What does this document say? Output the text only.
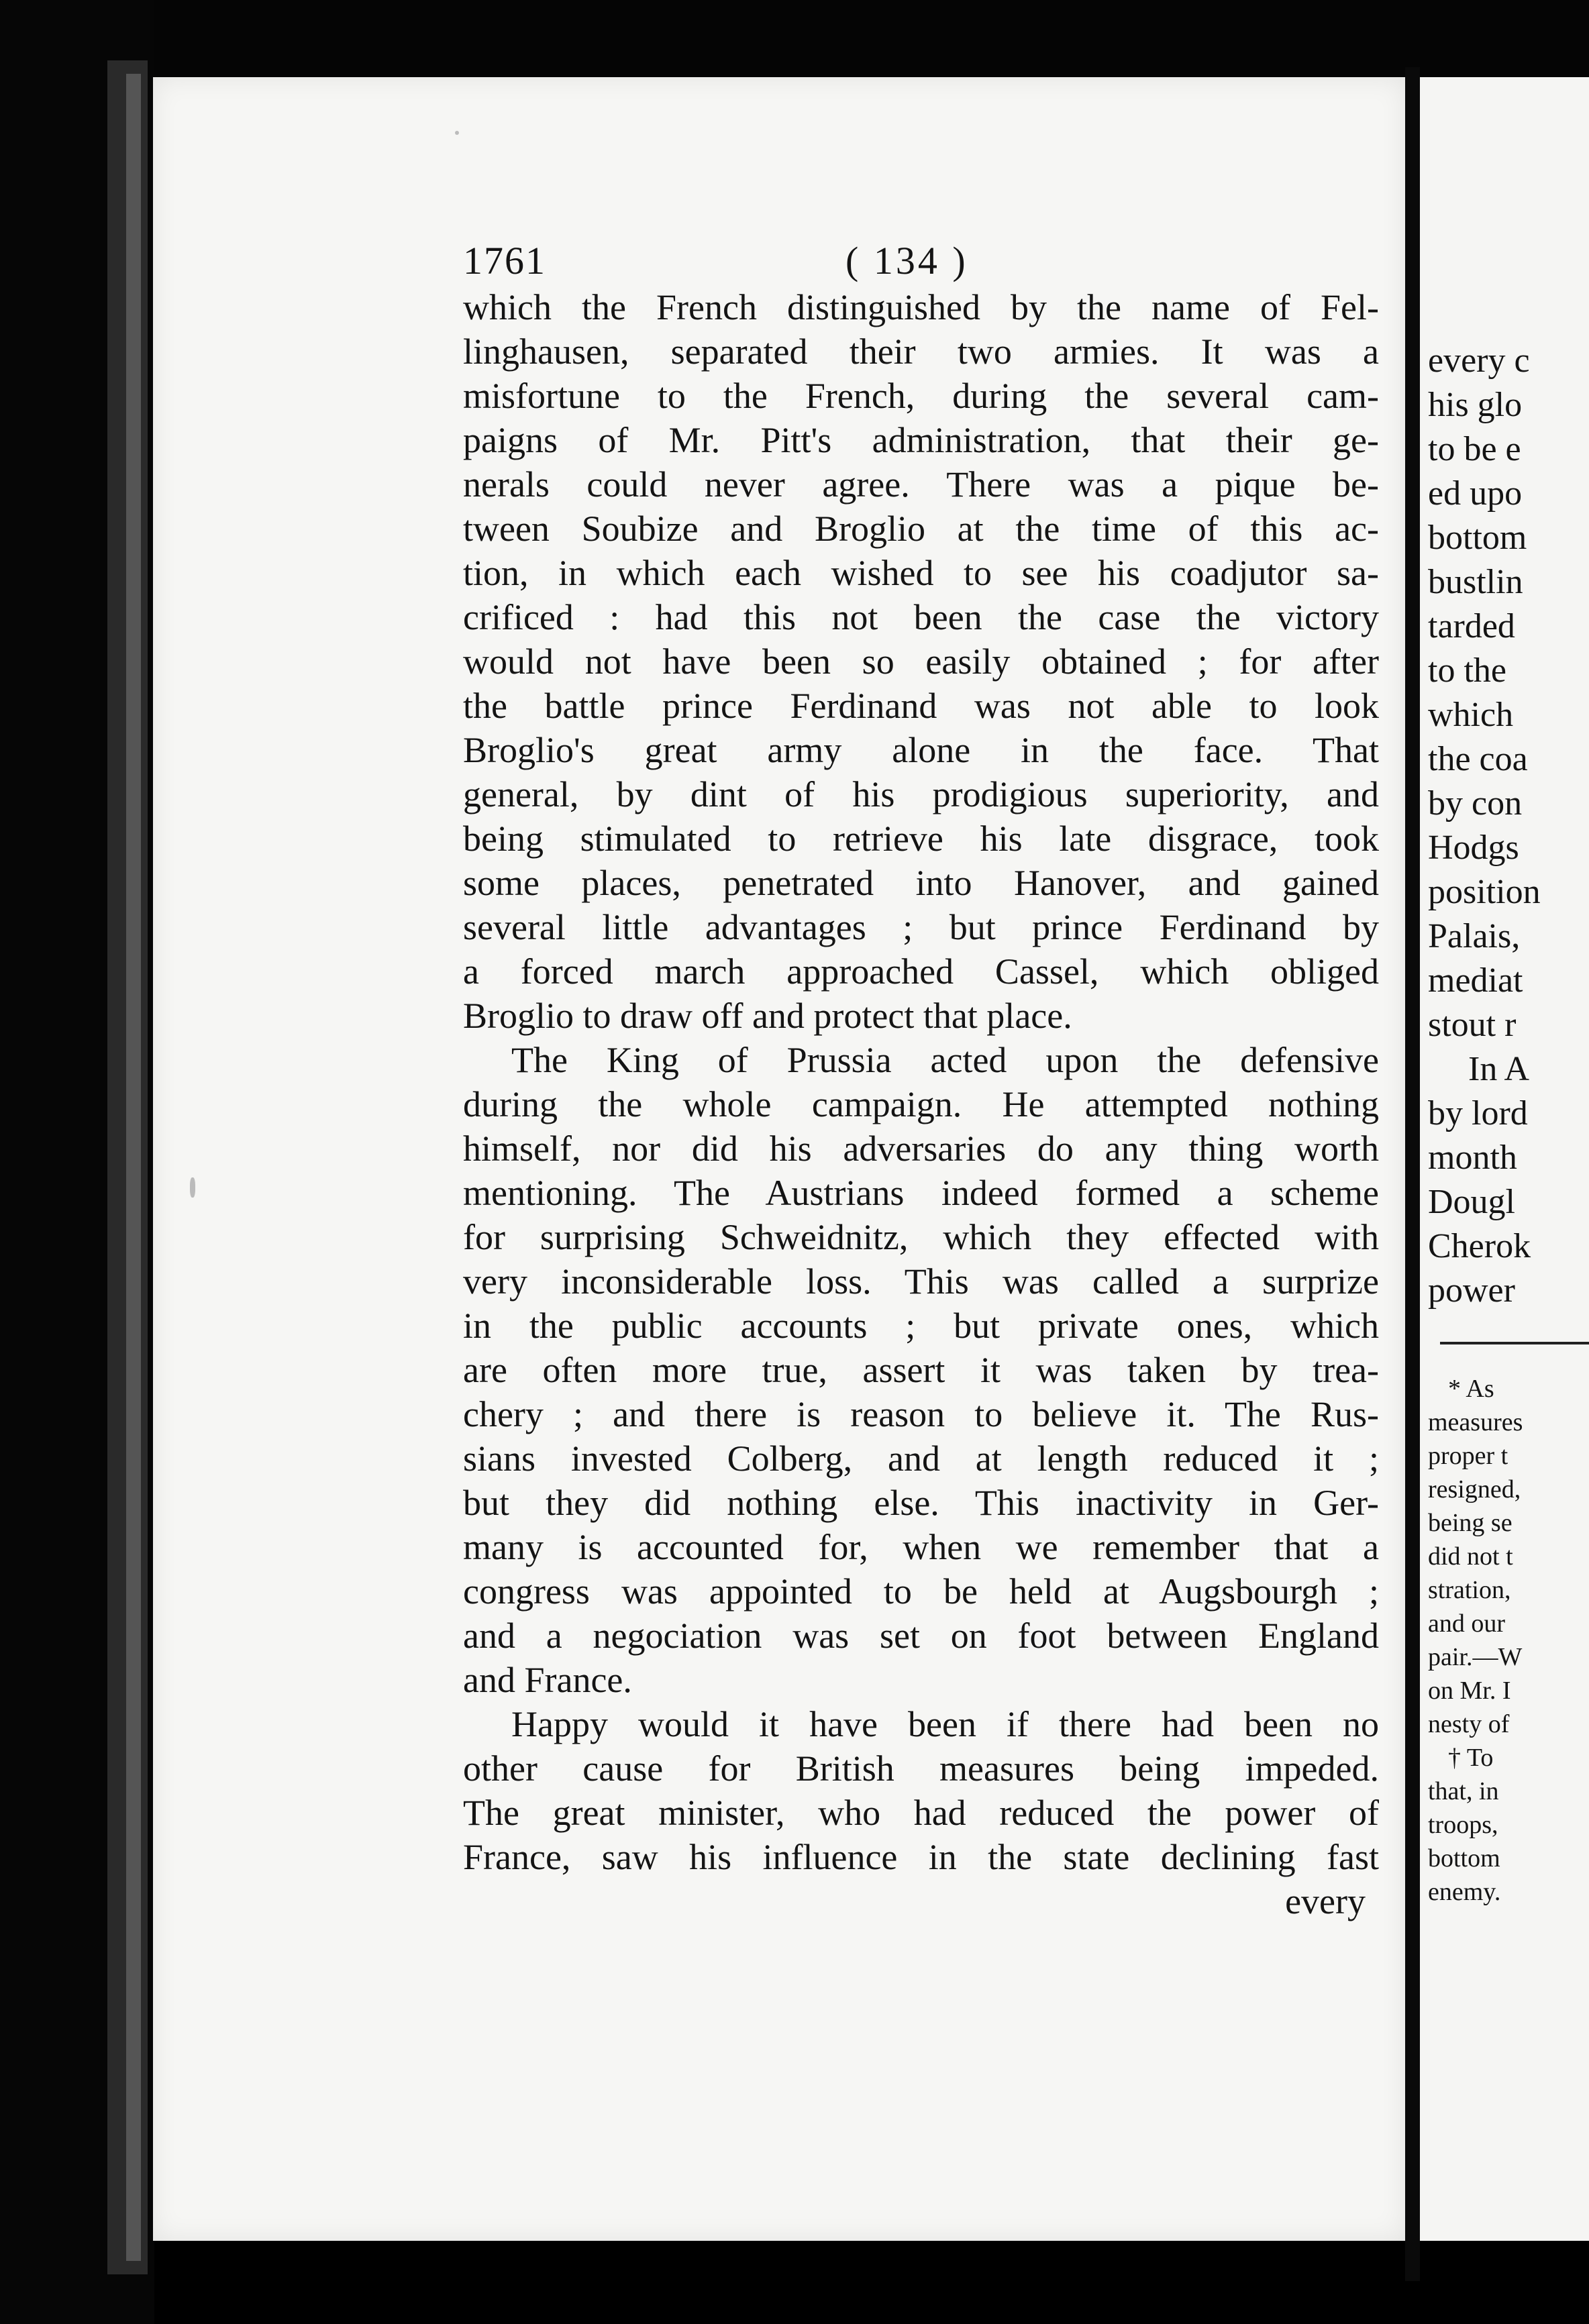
every c
his glo
to be e
ed upo
bottom
bustlin
tarded
to the
which
the coa
by con
Hodgs
position
Palais,
mediat
stout r
In A
by lord
month
Dougl
Cherok
power
* As
measures
proper t
resigned,
being se
did not t
stration,
and our
pair.—W
on Mr. I
nesty of
† To
that, in
troops,
bottom
enemy.
1761	( 134 )
which the French distinguished by the name of Fel-
linghausen, separated their two armies. It was a
misfortune to the French, during the several cam-
paigns of Mr. Pitt's administration, that their ge-
nerals could never agree. There was a pique be-
tween Soubize and Broglio at the time of this ac-
tion, in which each wished to see his coadjutor sa-
crificed : had this not been the case the victory
would not have been so easily obtained ; for after
the battle prince Ferdinand was not able to look
Broglio's great army alone in the face. That
general, by dint of his prodigious superiority, and
being stimulated to retrieve his late disgrace, took
some places, penetrated into Hanover, and gained
several little advantages ; but prince Ferdinand by
a forced march approached Cassel, which obliged
Broglio to draw off and protect that place.
The King of Prussia acted upon the defensive
during the whole campaign. He attempted nothing
himself, nor did his adversaries do any thing worth
mentioning. The Austrians indeed formed a scheme
for surprising Schweidnitz, which they effected with
very inconsiderable loss. This was called a surprize
in the public accounts ; but private ones, which
are often more true, assert it was taken by trea-
chery ; and there is reason to believe it. The Rus-
sians invested Colberg, and at length reduced it ;
but they did nothing else. This inactivity in Ger-
many is accounted for, when we remember that a
congress was appointed to be held at Augsbourgh ;
and a negociation was set on foot between England
and France.
Happy would it have been if there had been no
other cause for British measures being impeded.
The great minister, who had reduced the power of
France, saw his influence in the state declining fast
every
